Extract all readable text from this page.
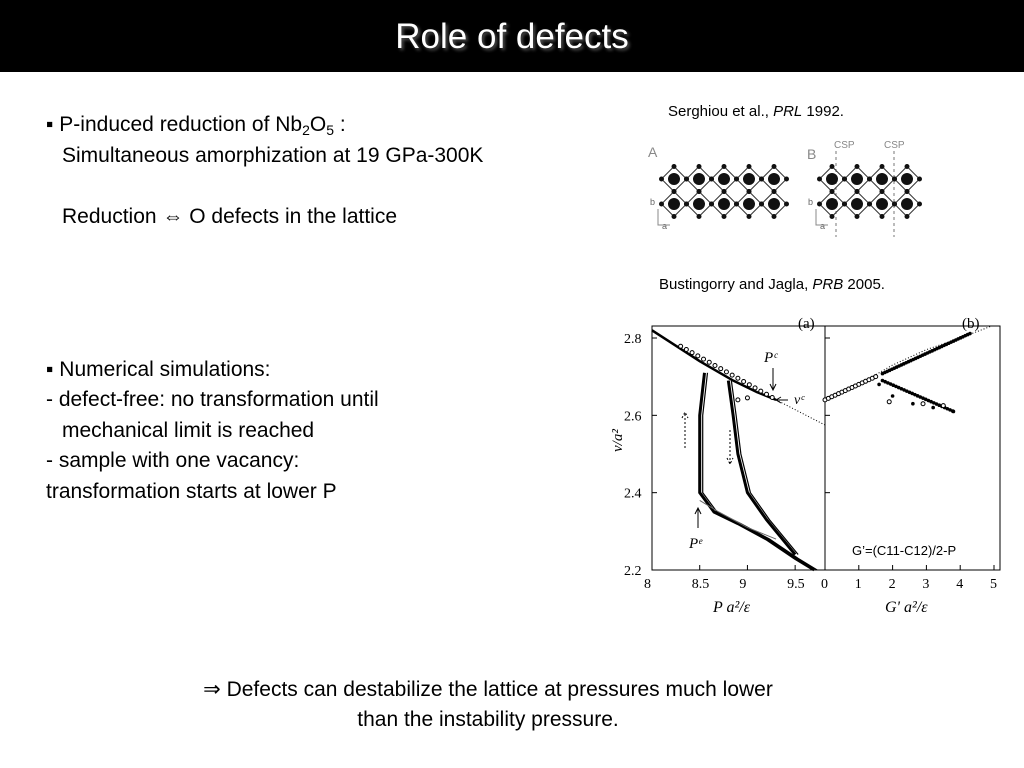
Role of defects
▪ P-induced reduction of $Nb_2O_5$ :
Simultaneous amorphization at 19 GPa-300K
Reduction ⇔ O defects in the lattice
▪ Numerical simulations:
- defect-free: no transformation until
mechanical limit is reached
- sample with one vacancy:
transformation starts at lower P
⇒ Defects can destabilize the lattice at pressures much lower
than the instability pressure.
Serghiou et al., PRL 1992.
Bustingorry and Jagla, PRB 2005.
A	B
CSP	CSP
b
a
b
a
v/a²
P a²/ε	G' a²/ε
(a)	(b)
Pᶜ
vᶜ
Pᵉ	G’=(C11-C12)/2-P
2.8
2.6
2.4
2.2
8	8.5 9	9.5 0 1 2 3 4 5
